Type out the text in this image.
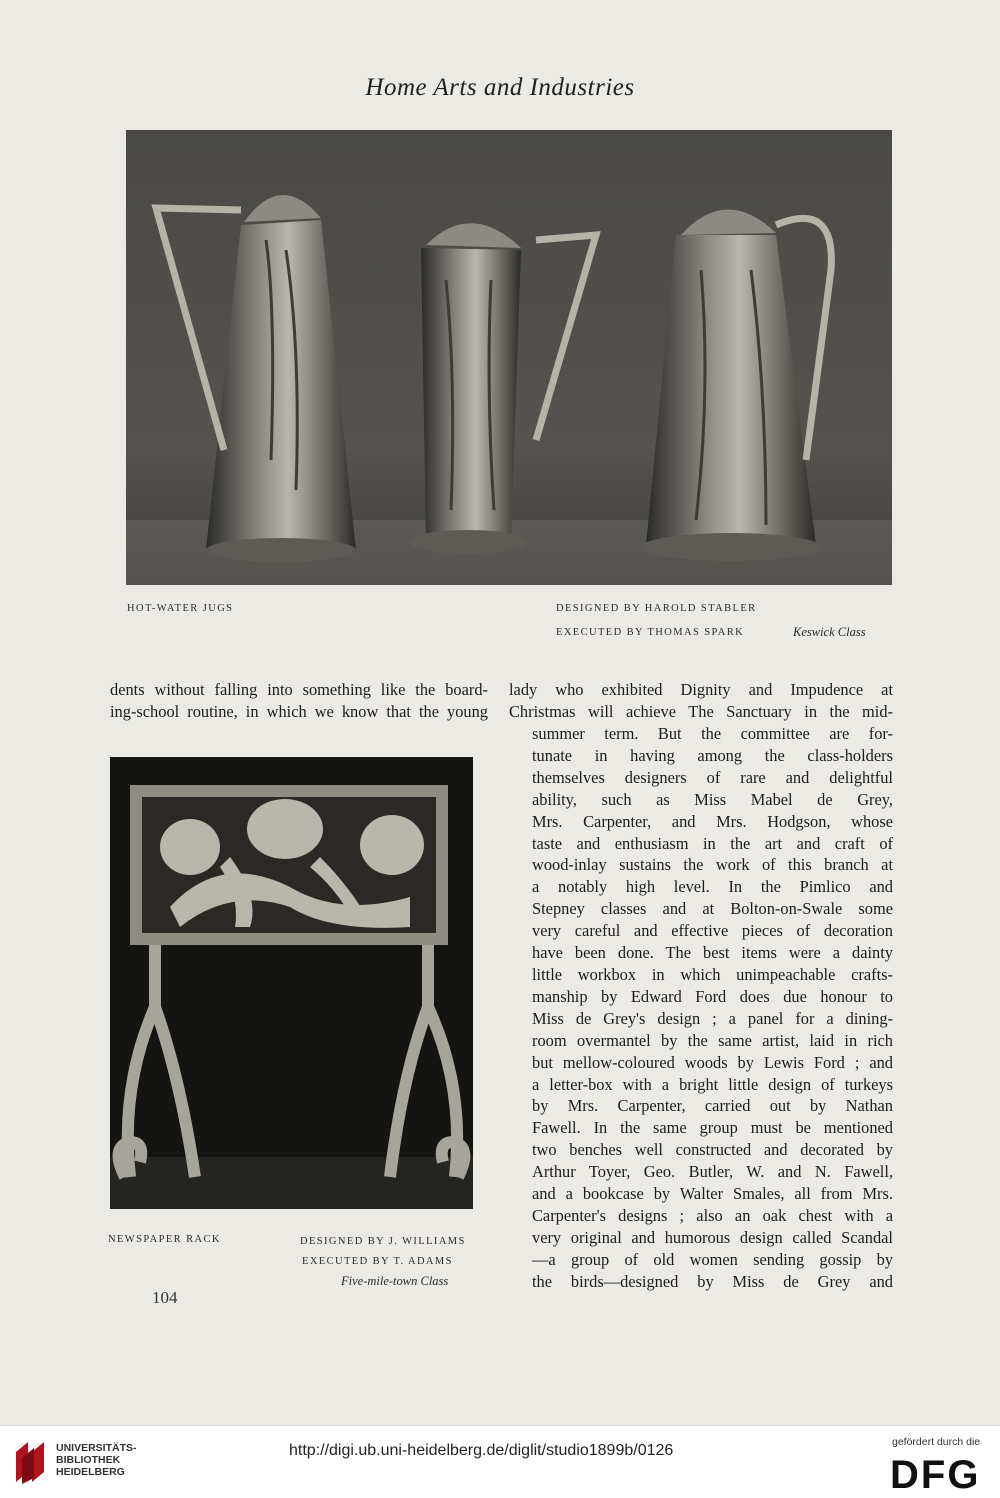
Home Arts and Industries
HOT-WATER JUGS	DESIGNED BY HAROLD STABLER
EXECUTED BY THOMAS SPARK	Keswick Class

dents without falling into something like the board-

ing-school routine, in which we know that the young

NEWSPAPER RACK	DESIGNED BY J. WILLIAMS
EXECUTED BY T. ADAMS
Five-mile-town Class

lady who exhibited Dignity and Impudence at

Christmas will achieve The Sanctuary in the mid-

summer term. But the committee are for-

tunate in having among the class-holders

themselves designers of rare and delightful

ability, such as Miss Mabel de Grey,

Mrs. Carpenter, and Mrs. Hodgson, whose

taste and enthusiasm in the art and craft of

wood-inlay sustains the work of this branch at

a notably high level. In the Pimlico and

Stepney classes and at Bolton-on-Swale some

very careful and effective pieces of decoration

have been done. The best items were a dainty

little workbox in which unimpeachable crafts-

manship by Edward Ford does due honour to

Miss de Grey's design ; a panel for a dining-

room overmantel by the same artist, laid in rich

but mellow-coloured woods by Lewis Ford ; and

a letter-box with a bright little design of turkeys

by Mrs. Carpenter, carried out by Nathan

Fawell. In the same group must be mentioned

two benches well constructed and decorated by

Arthur Toyer, Geo. Butler, W. and N. Fawell,

and a bookcase by Walter Smales, all from Mrs.

Carpenter's designs ; also an oak chest with a

very original and humorous design called Scandal

—a group of old women sending gossip by

the birds—designed by Miss de Grey and

104
UNIVERSITÄTS-
BIBLIOTHEK
HEIDELBERG
http://digi.ub.uni-heidelberg.de/diglit/studio1899b/0126	gefördert durch die
DFG
